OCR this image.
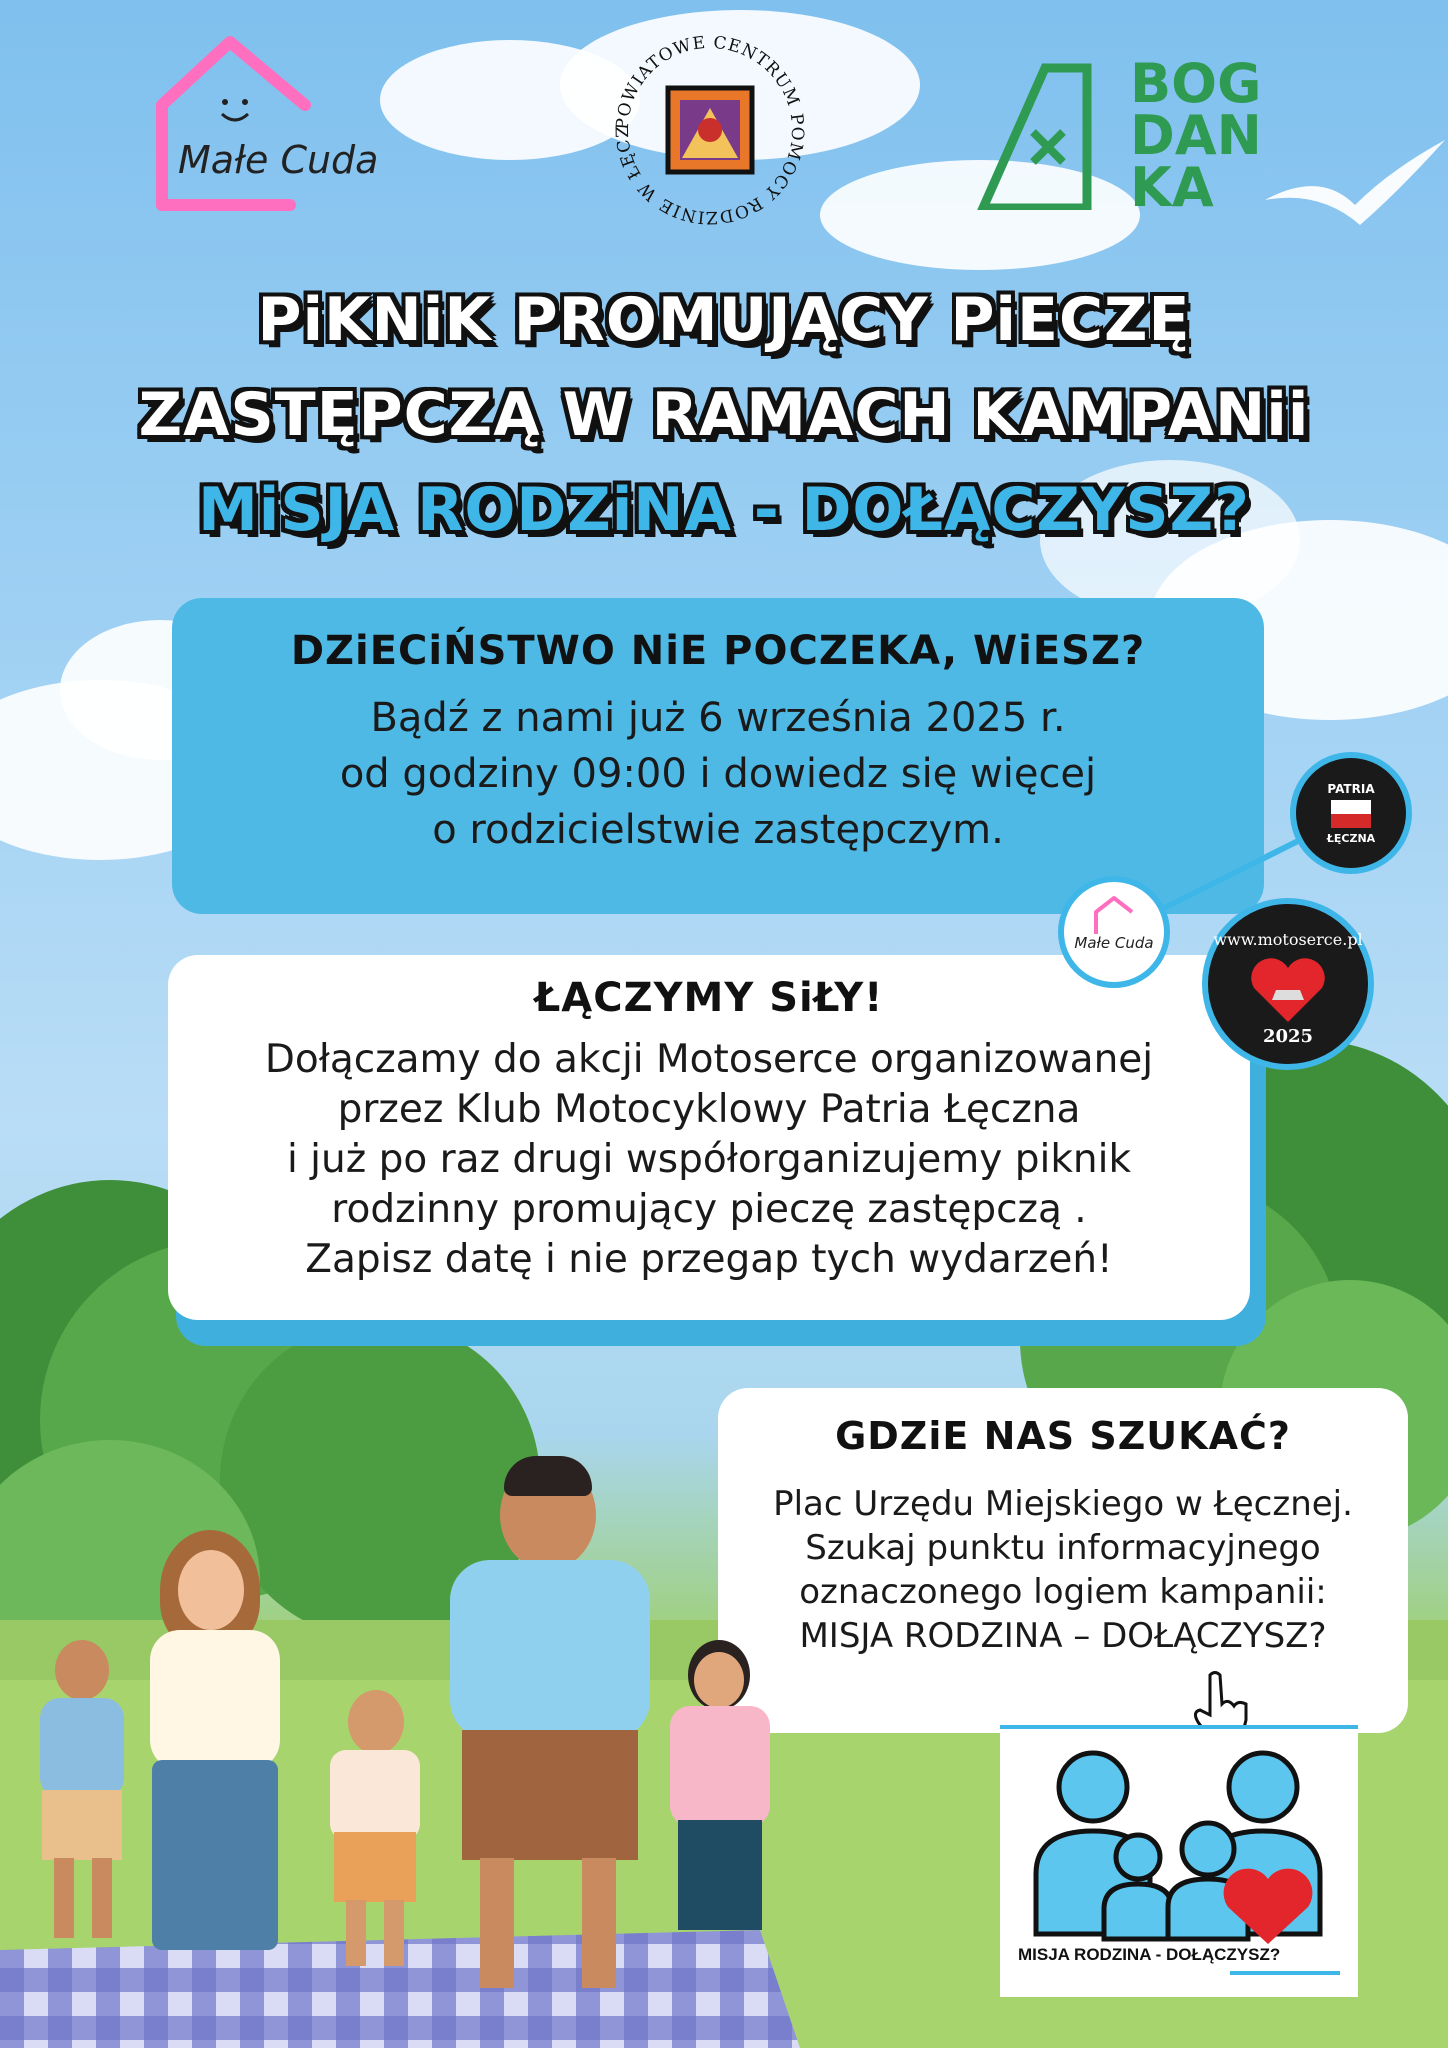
Małe Cuda
POWIATOWE CENTRUM POMOCY RODZINIE W ŁĘCZ
BOG
DAN
KA
PiKNiK PROMUJĄCY PiECZĘ
ZASTĘPCZĄ W RAMACH KAMPANii
MiSJA RODZiNA - DOŁĄCZYSZ?
DZiECiŃSTWO NiE POCZEKA, WiESZ?

Bądź z nami już 6 września 2025 r.
od godziny 09:00 i dowiedz się więcej
o rodzicielstwie zastępczym.

ŁĄCZYMY SiŁY!

Dołączamy do akcji Motoserce organizowanej
przez Klub Motocyklowy Patria Łęczna
i już po raz drugi współorganizujemy piknik
rodzinny promujący pieczę zastępczą .
Zapisz datę i nie przegap tych wydarzeń!

PATRIA
ŁĘCZNA
Małe Cuda	www.motoserce.pl
2025
GDZiE NAS SZUKAĆ?

Plac Urzędu Miejskiego w Łęcznej.
Szukaj punktu informacyjnego
oznaczonego logiem kampanii:
MISJA RODZINA – DOŁĄCZYSZ?

MISJA RODZINA - DOŁĄCZYSZ?
